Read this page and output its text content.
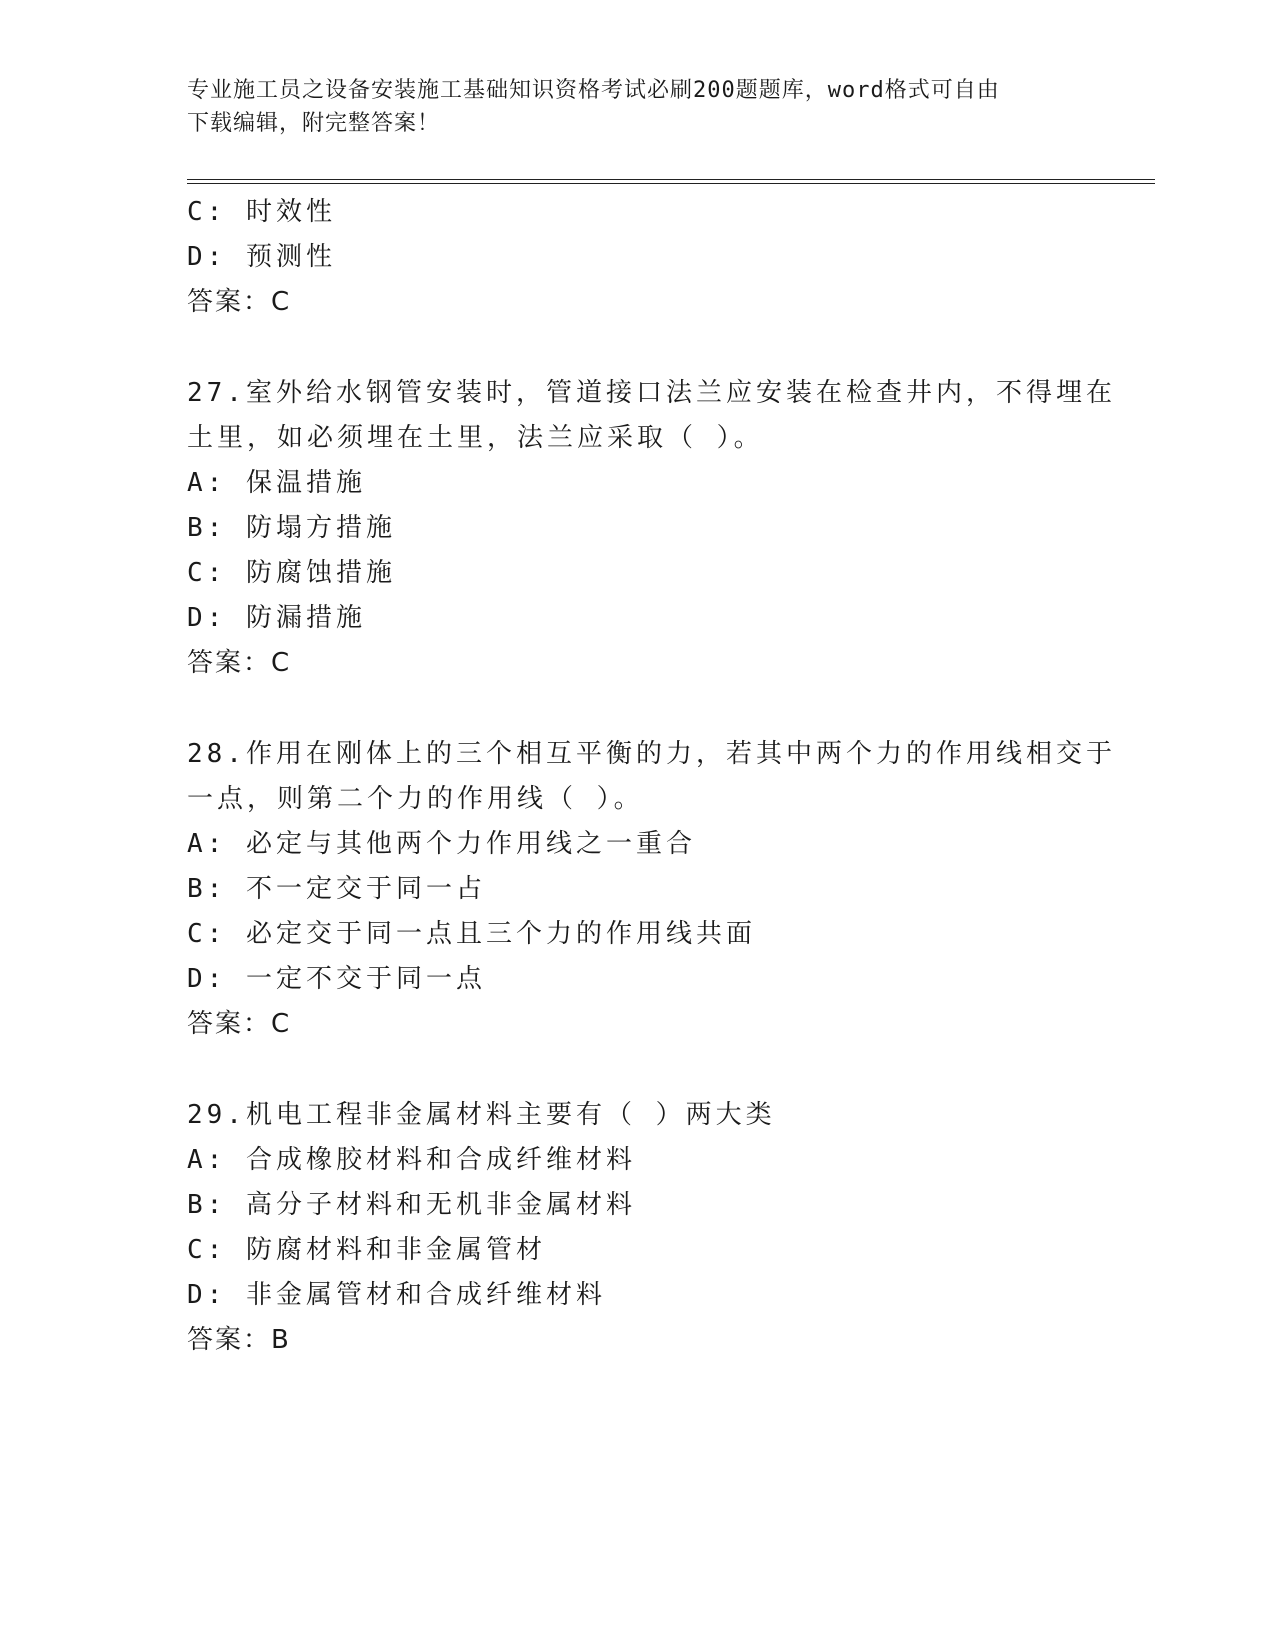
专业施工员之设备安装施工基础知识资格考试必刷200题题库，word格式可自由
下载编辑，附完整答案！
C: 时效性
D: 预测性
答案：C
27.室外给水钢管安装时，管道接口法兰应安装在检查井内，不得埋在
土里，如必须埋在土里，法兰应采取（ ）。
A: 保温措施
B: 防塌方措施
C: 防腐蚀措施
D: 防漏措施
答案：C
28.作用在刚体上的三个相互平衡的力，若其中两个力的作用线相交于
一点，则第二个力的作用线（ ）。
A: 必定与其他两个力作用线之一重合
B: 不一定交于同一占
C: 必定交于同一点且三个力的作用线共面
D: 一定不交于同一点
答案：C
29.机电工程非金属材料主要有（ ）两大类
A: 合成橡胶材料和合成纤维材料
B: 高分子材料和无机非金属材料
C: 防腐材料和非金属管材
D: 非金属管材和合成纤维材料
答案：B
